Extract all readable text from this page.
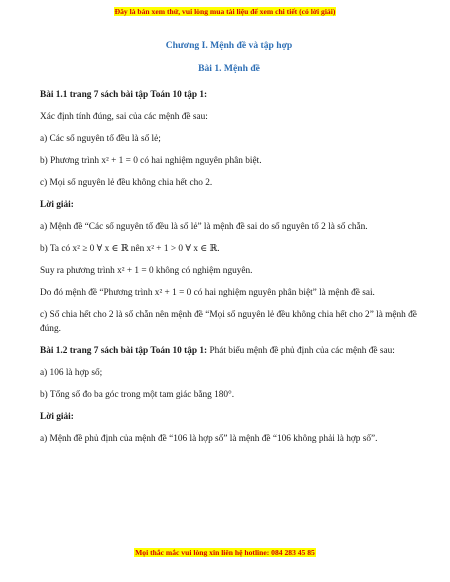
Đây là bản xem thử, vui lòng mua tài liệu để xem chi tiết (có lời giải)
Chương I. Mệnh đề và tập hợp
Bài 1. Mệnh đề

Bài 1.1 trang 7 sách bài tập Toán 10 tập 1:

Xác định tính đúng, sai của các mệnh đề sau:

a) Các số nguyên tố đều là số lẻ;

b) Phương trình x² + 1 = 0 có hai nghiệm nguyên phân biệt.

c) Mọi số nguyên lẻ đều không chia hết cho 2.

Lời giải:

a) Mệnh đề “Các số nguyên tố đều là số lẻ” là mệnh đề sai do số nguyên tố 2 là số chẵn.

b) Ta có x² ≥ 0 ∀ x ∈ ℝ nên x² + 1 > 0 ∀ x ∈ ℝ.

Suy ra phương trình x² + 1 = 0 không có nghiệm nguyên.

Do đó mệnh đề “Phương trình x² + 1 = 0 có hai nghiệm nguyên phân biệt” là mệnh đề sai.

c) Số chia hết cho 2 là số chẵn nên mệnh đề “Mọi số nguyên lẻ đều không chia hết cho 2” là mệnh đề đúng.

Bài 1.2 trang 7 sách bài tập Toán 10 tập 1: Phát biểu mệnh đề phủ định của các mệnh đề sau:

a) 106 là hợp số;

b) Tổng số đo ba góc trong một tam giác bằng 180°.

Lời giải:

a) Mệnh đề phủ định của mệnh đề “106 là hợp số” là mệnh đề “106 không phải là hợp số”.

Mọi thắc mắc vui lòng xin liên hệ hotline: 084 283 45 85
